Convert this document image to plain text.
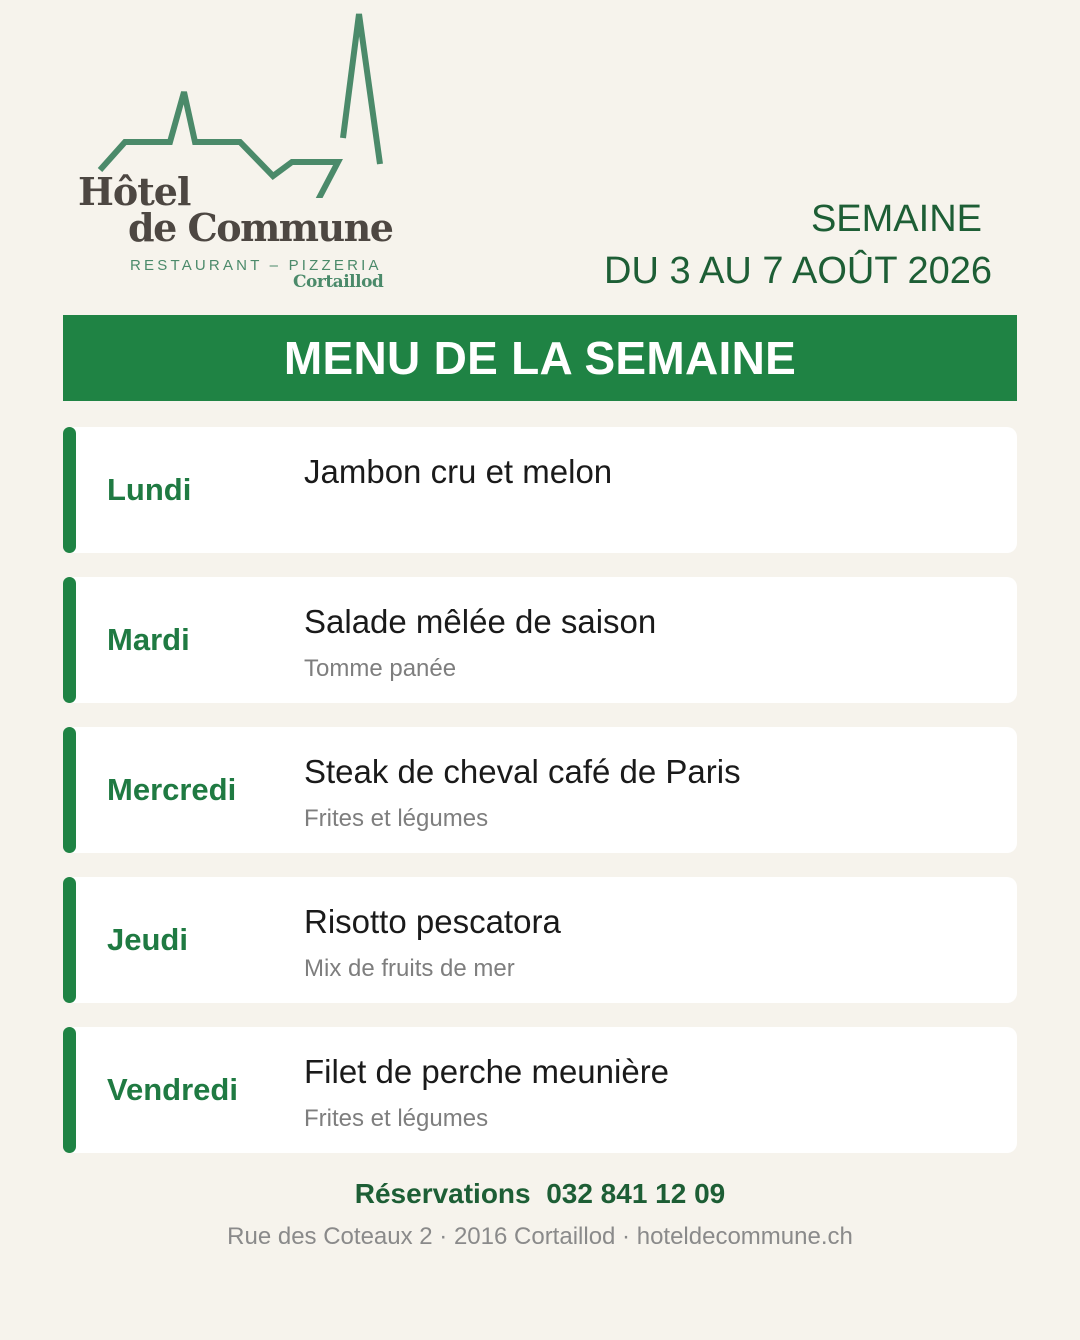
Hôtel
de Commune
RESTAURANT – PIZZERIA
Cortaillod
SEMAINE
DU 3 AU 7 AOÛT 2026
MENU DE LA SEMAINE
Lundi	Jambon cru et melon
Mardi	Salade mêlée de saison
Tomme panée
Mercredi Steak de cheval café de Paris
Frites et légumes
Jeudi	Risotto pescatora
Mix de fruits de mer
Vendredi Filet de perche meunière
Frites et légumes
Réservations 032 841 12 09
Rue des Coteaux 2 · 2016 Cortaillod · hoteldecommune.ch
